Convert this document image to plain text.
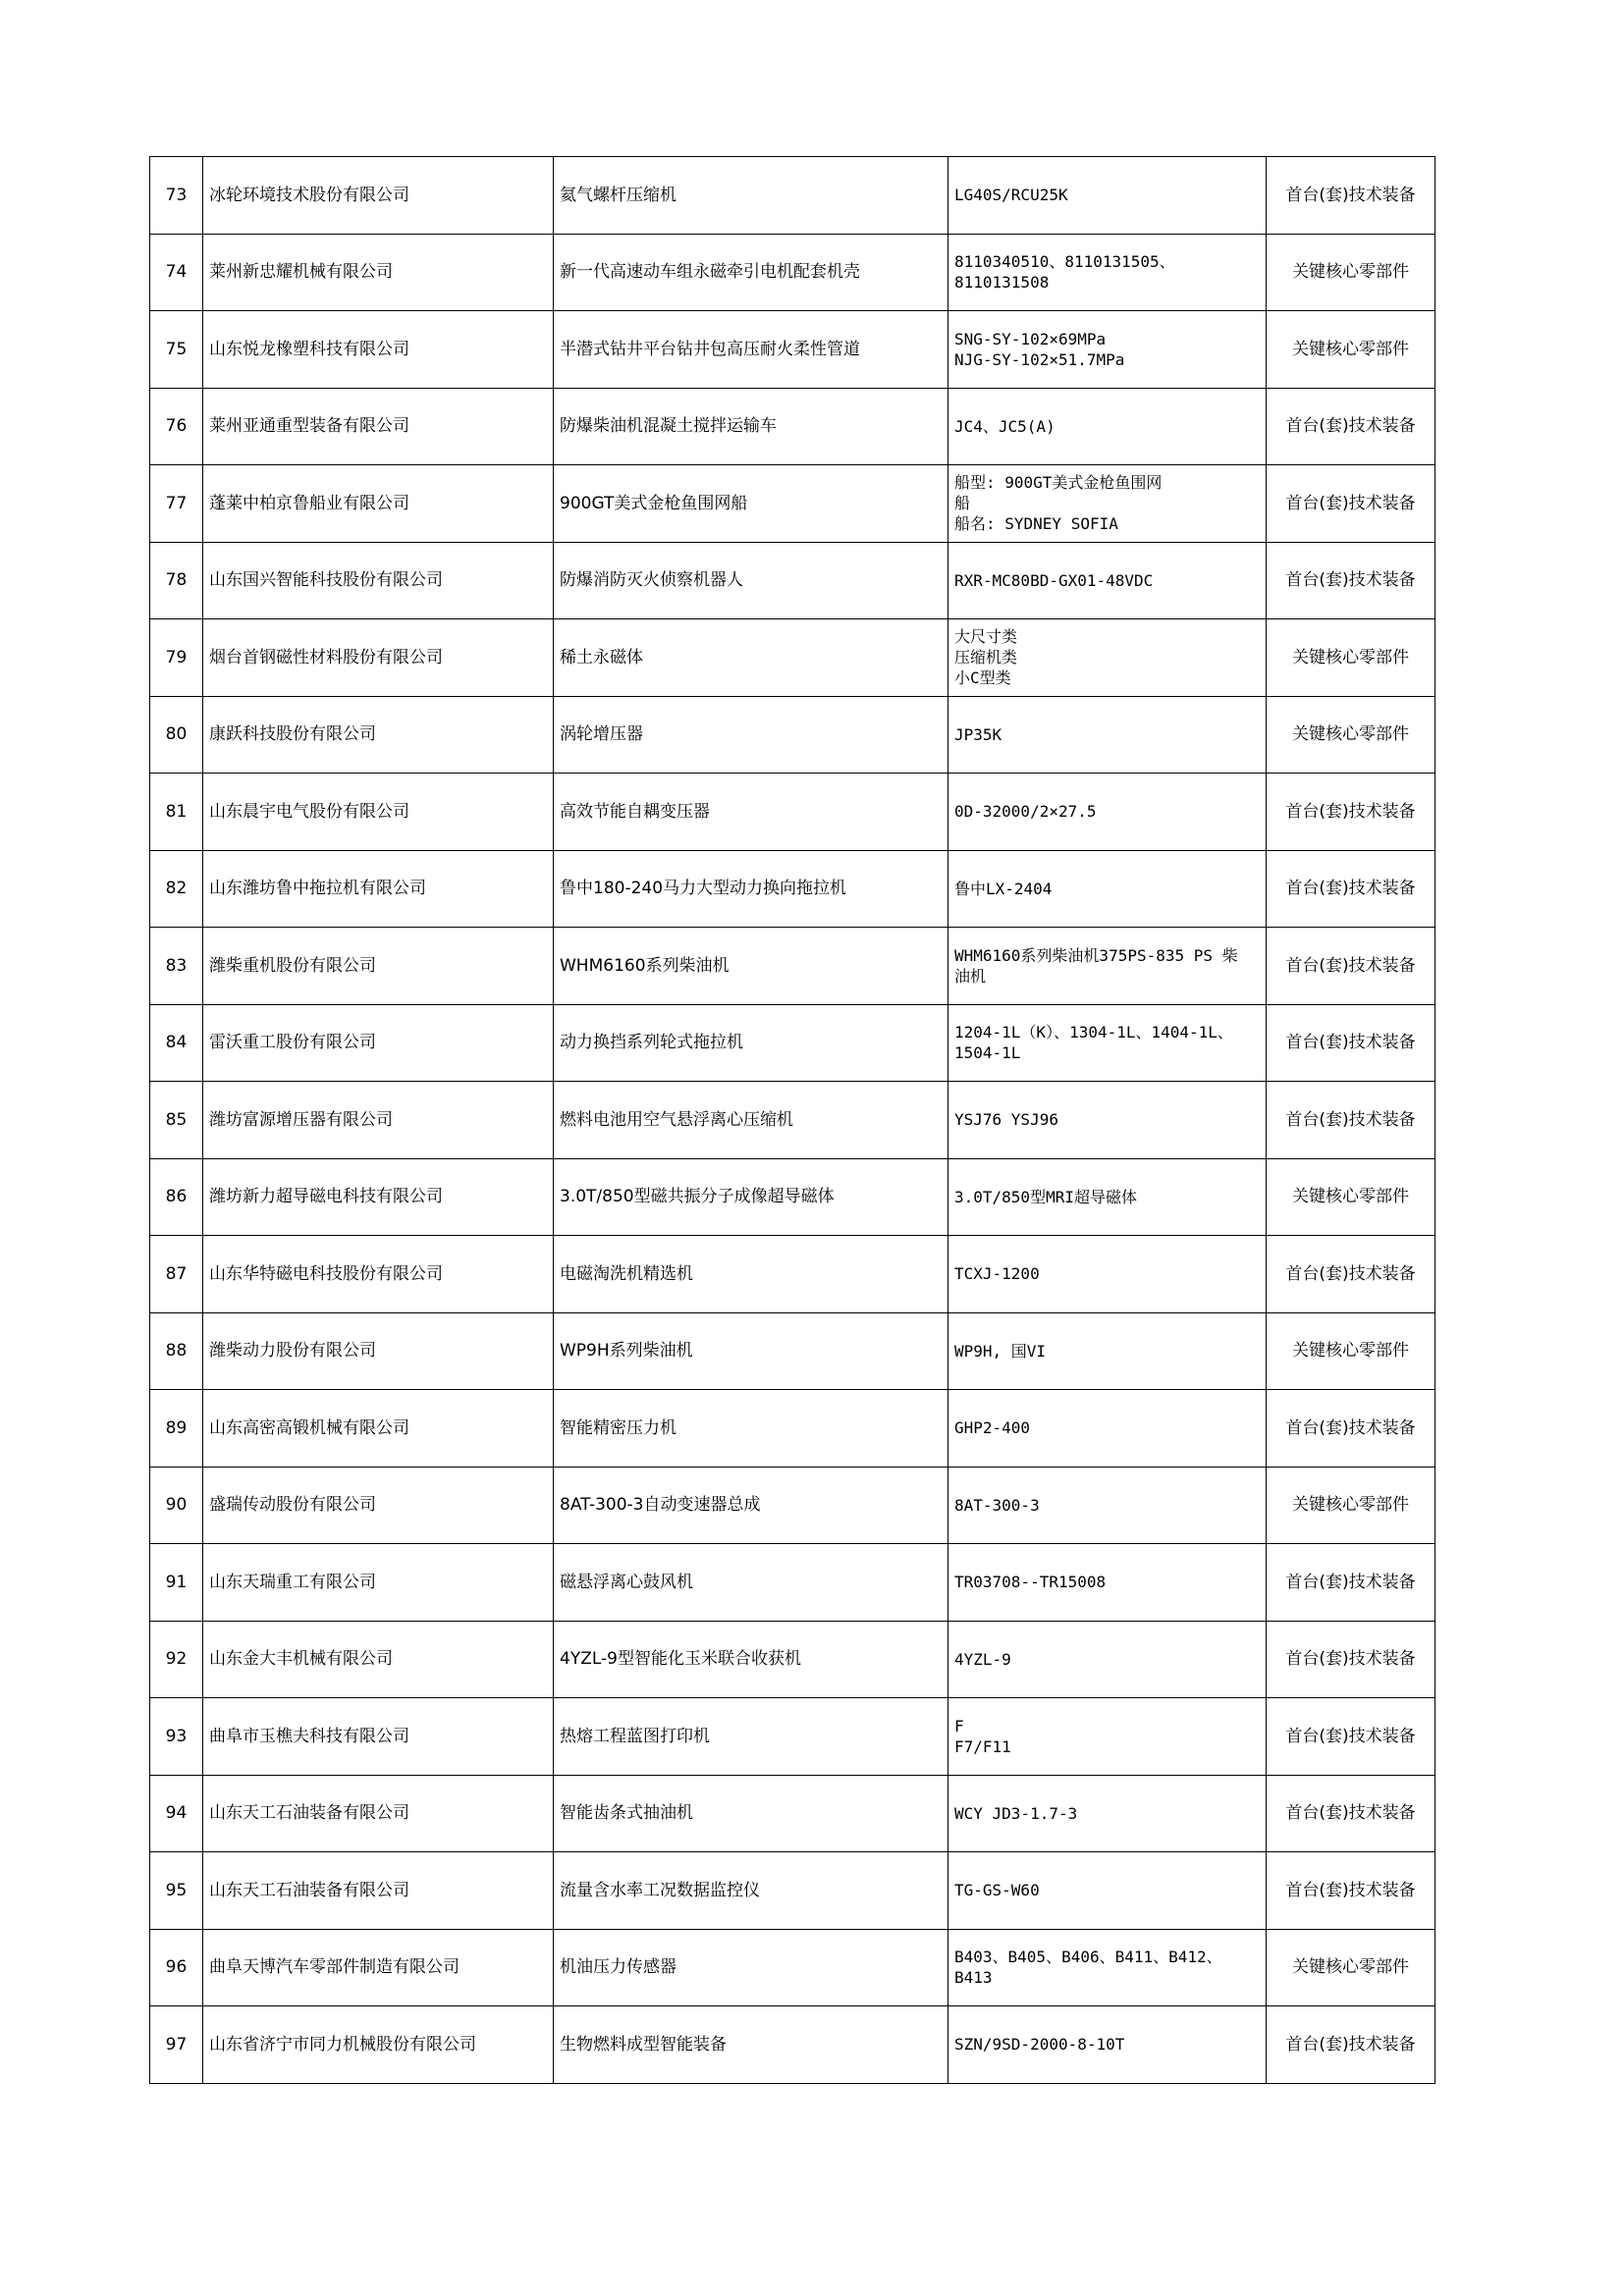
73	冰轮环境技术股份有限公司	氦气螺杆压缩机	LG40S/RCU25K	首台(套)技术装备
74	莱州新忠耀机械有限公司	新一代高速动车组永磁牵引电机配套机壳	8110340510、8110131505、
8110131508	关键核心零部件
75	山东悦龙橡塑科技有限公司	半潜式钻井平台钻井包高压耐火柔性管道	SNG-SY-102×69MPa
NJG-SY-102×51.7MPa	关键核心零部件
76	莱州亚通重型装备有限公司	防爆柴油机混凝土搅拌运输车	JC4、JC5(A)	首台(套)技术装备
77	蓬莱中柏京鲁船业有限公司	900GT美式金枪鱼围网船	船型: 900GT美式金枪鱼围网
船
船名: SYDNEY SOFIA	首台(套)技术装备
78	山东国兴智能科技股份有限公司	防爆消防灭火侦察机器人	RXR-MC80BD-GX01-48VDC	首台(套)技术装备
79	烟台首钢磁性材料股份有限公司	稀土永磁体	大尺寸类
压缩机类
小C型类	关键核心零部件
80	康跃科技股份有限公司	涡轮增压器	JP35K	关键核心零部件
81	山东晨宇电气股份有限公司	高效节能自耦变压器	0D-32000/2×27.5	首台(套)技术装备
82	山东潍坊鲁中拖拉机有限公司	鲁中180-240马力大型动力换向拖拉机	鲁中LX-2404	首台(套)技术装备
83	潍柴重机股份有限公司	WHM6160系列柴油机	WHM6160系列柴油机375PS-835 PS 柴
油机	首台(套)技术装备
84	雷沃重工股份有限公司	动力换挡系列轮式拖拉机	1204-1L（K）、1304-1L、1404-1L、
1504-1L	首台(套)技术装备
85	潍坊富源增压器有限公司	燃料电池用空气悬浮离心压缩机	YSJ76 YSJ96	首台(套)技术装备
86	潍坊新力超导磁电科技有限公司	3.0T/850型磁共振分子成像超导磁体	3.0T/850型MRI超导磁体	关键核心零部件
87	山东华特磁电科技股份有限公司	电磁淘洗机精选机	TCXJ-1200	首台(套)技术装备
88	潍柴动力股份有限公司	WP9H系列柴油机	WP9H, 国VI	关键核心零部件
89	山东高密高锻机械有限公司	智能精密压力机	GHP2-400	首台(套)技术装备
90	盛瑞传动股份有限公司	8AT-300-3自动变速器总成	8AT-300-3	关键核心零部件
91	山东天瑞重工有限公司	磁悬浮离心鼓风机	TR03708--TR15008	首台(套)技术装备
92	山东金大丰机械有限公司	4YZL-9型智能化玉米联合收获机	4YZL-9	首台(套)技术装备
93	曲阜市玉樵夫科技有限公司	热熔工程蓝图打印机	F
F7/F11	首台(套)技术装备
94	山东天工石油装备有限公司	智能齿条式抽油机	WCY JD3-1.7-3	首台(套)技术装备
95	山东天工石油装备有限公司	流量含水率工况数据监控仪	TG-GS-W60	首台(套)技术装备
96	曲阜天博汽车零部件制造有限公司	机油压力传感器	B403、B405、B406、B411、B412、
B413	关键核心零部件
97	山东省济宁市同力机械股份有限公司	生物燃料成型智能装备	SZN/9SD-2000-8-10T	首台(套)技术装备
